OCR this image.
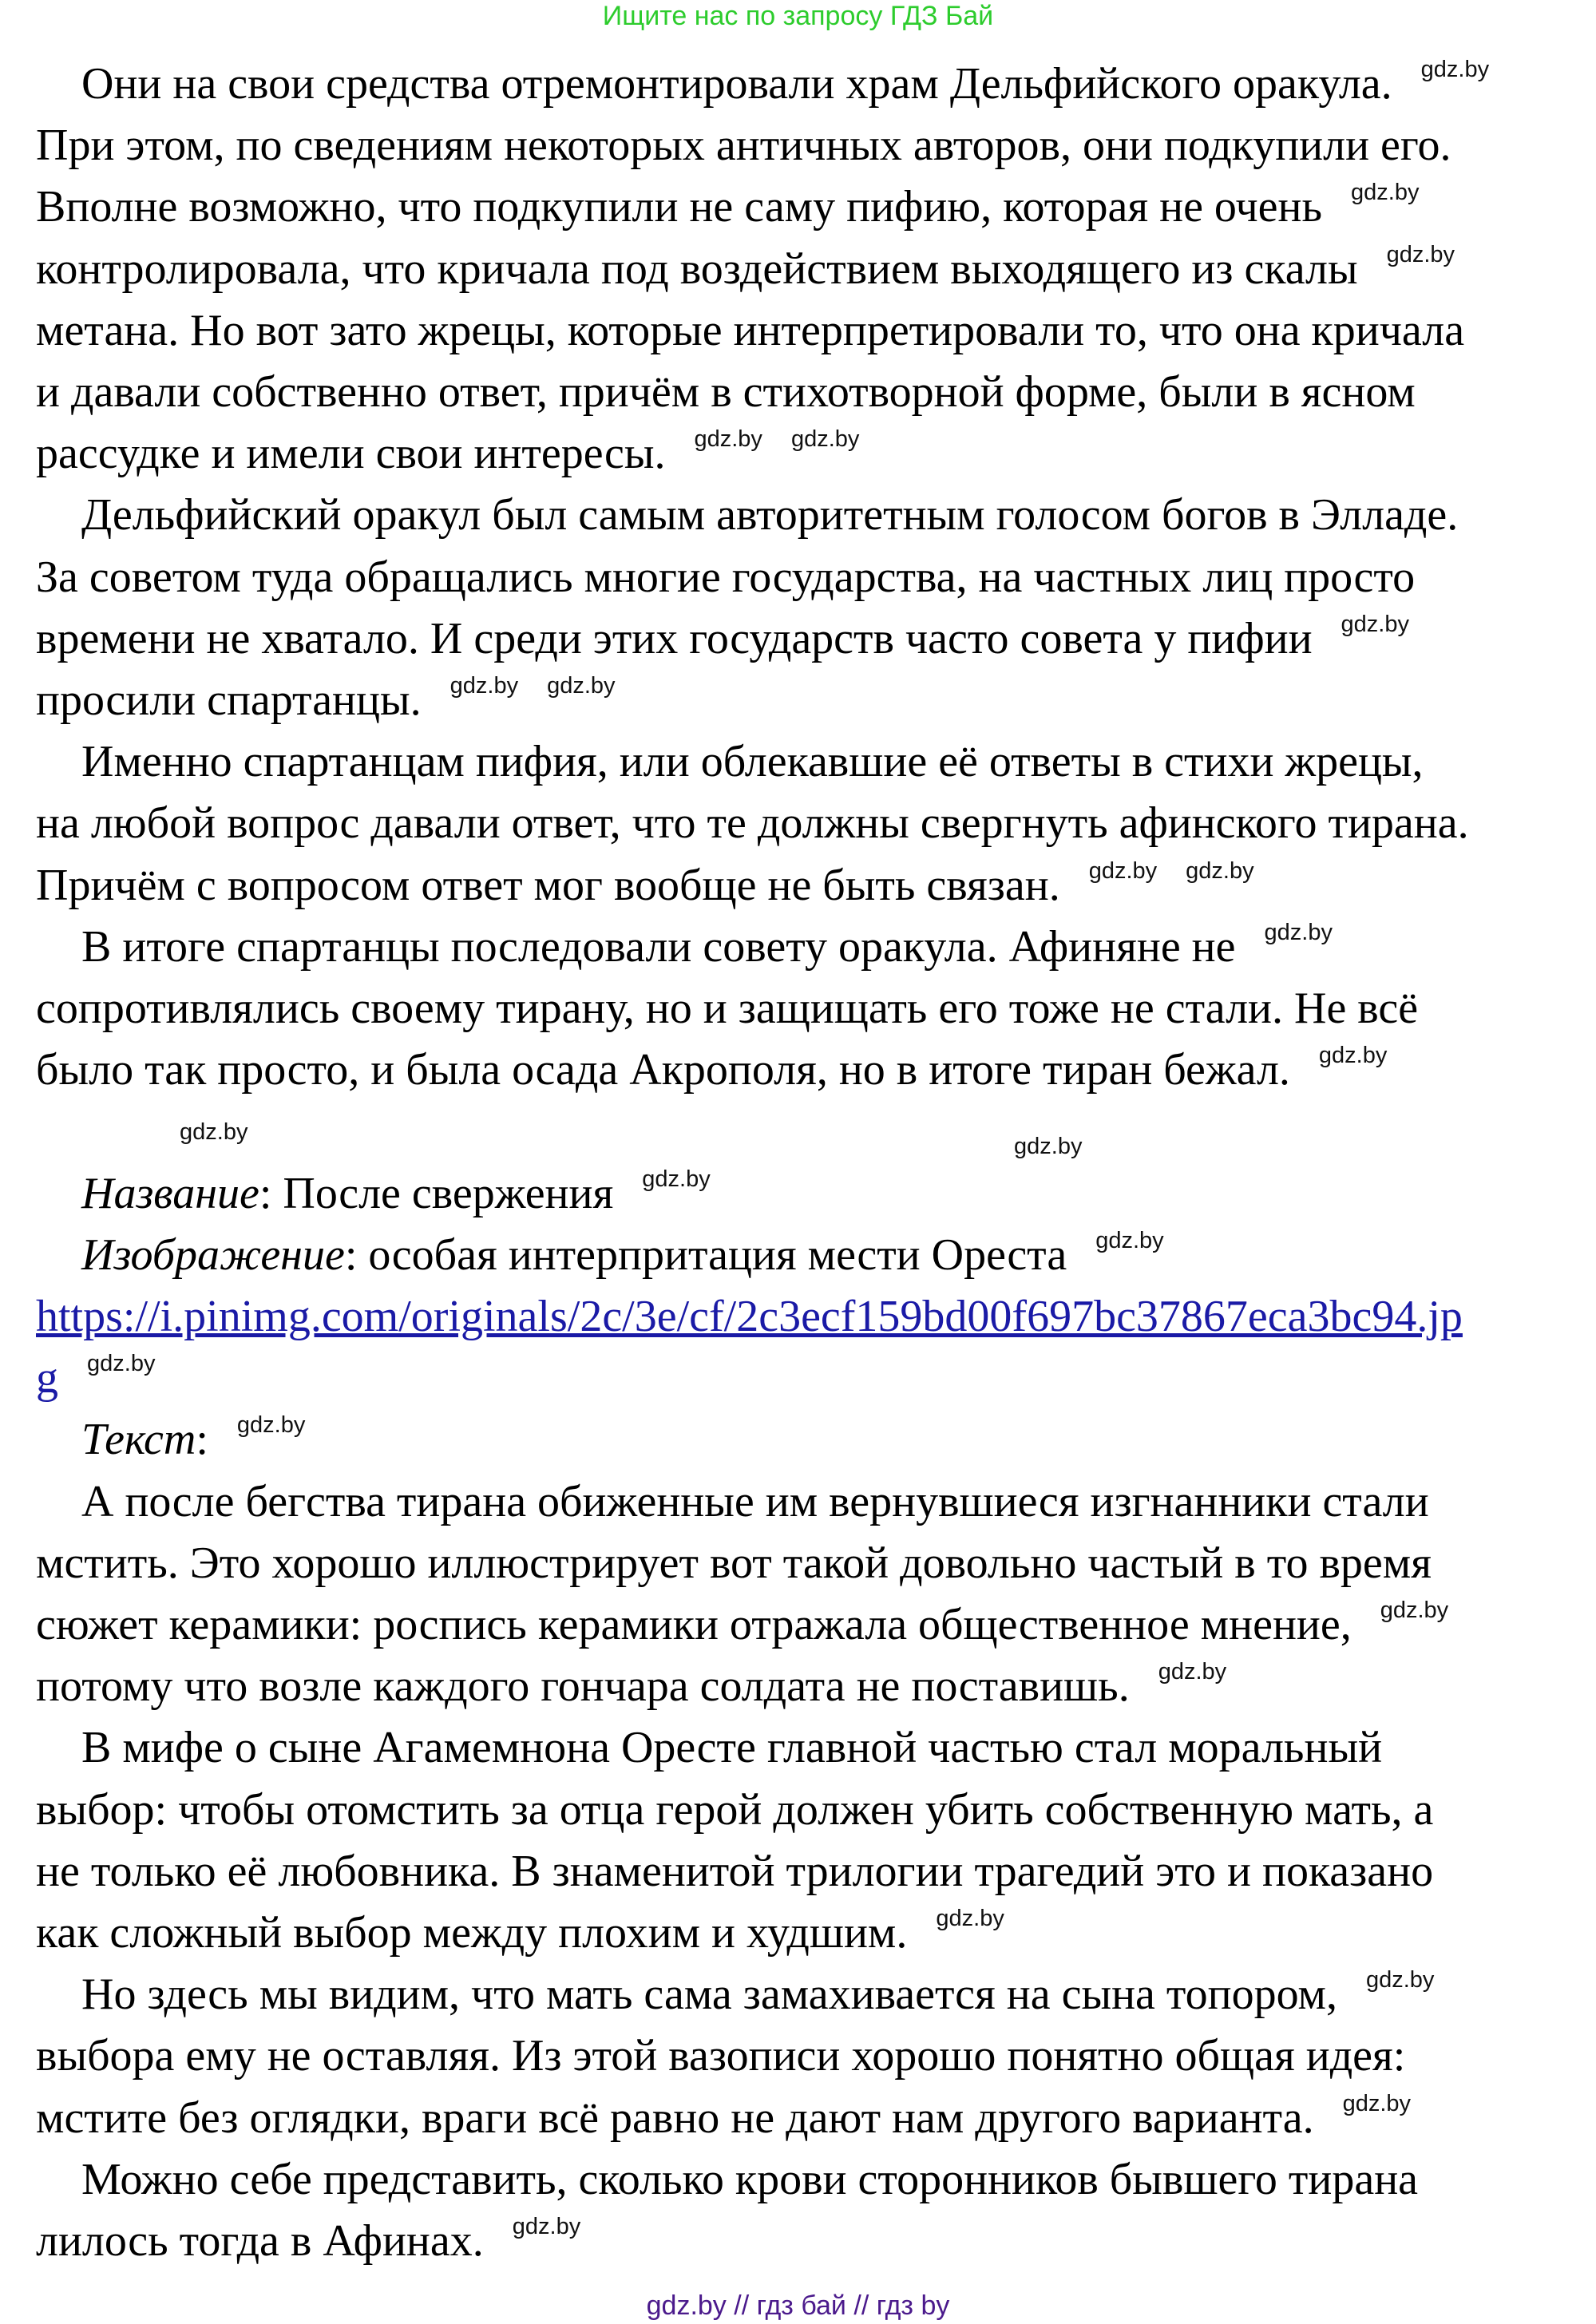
Ищите нас по запросу ГДЗ Бай
Они на свои средства отремонтировали храм Дельфийского оракула. gdz.by
При этом, по сведениям некоторых античных авторов, они подкупили его.
Вполне возможно, что подкупили не саму пифию, которая не очень gdz.by
контролировала, что кричала под воздействием выходящего из скалы gdz.by
метана. Но вот зато жрецы, которые интерпретировали то, что она кричала
и давали собственно ответ, причём в стихотворной форме, были в ясном
рассудке и имели свои интересы. gdz.by gdz.by
Дельфийский оракул был самым авторитетным голосом богов в Элладе.
За советом туда обращались многие государства, на частных лиц просто
времени не хватало. И среди этих государств часто совета у пифии gdz.by
просили спартанцы. gdz.by gdz.by
Именно спартанцам пифия, или облекавшие её ответы в стихи жрецы,
на любой вопрос давали ответ, что те должны свергнуть афинского тирана.
Причём с вопросом ответ мог вообще не быть связан. gdz.by gdz.by
В итоге спартанцы последовали совету оракула. Афиняне не gdz.by
сопротивлялись своему тирану, но и защищать его тоже не стали. Не всё
было так просто, и была осада Акрополя, но в итоге тиран бежал. gdz.by
Название: После свержения gdz.by
Изображение: особая интерпритация мести Ореста gdz.by
https://i.pinimg.com/originals/2c/3e/cf/2c3ecf159bd00f697bc37867eca3bc94.jp
g gdz.by
Текст: gdz.by
А после бегства тирана обиженные им вернувшиеся изгнанники стали
мстить. Это хорошо иллюстрирует вот такой довольно частый в то время
сюжет керамики: роспись керамики отражала общественное мнение, gdz.by
потому что возле каждого гончара солдата не поставишь. gdz.by
В мифе о сыне Агамемнона Оресте главной частью стал моральный
выбор: чтобы отомстить за отца герой должен убить собственную мать, а
не только её любовника. В знаменитой трилогии трагедий это и показано
как сложный выбор между плохим и худшим. gdz.by
Но здесь мы видим, что мать сама замахивается на сына топором, gdz.by
выбора ему не оставляя. Из этой вазописи хорошо понятно общая идея:
мстите без оглядки, враги всё равно не дают нам другого варианта. gdz.by
Можно себе представить, сколько крови сторонников бывшего тирана
лилось тогда в Афинах. gdz.by
gdz.by
gdz.by
gdz.by // гдз бай // гдз by
